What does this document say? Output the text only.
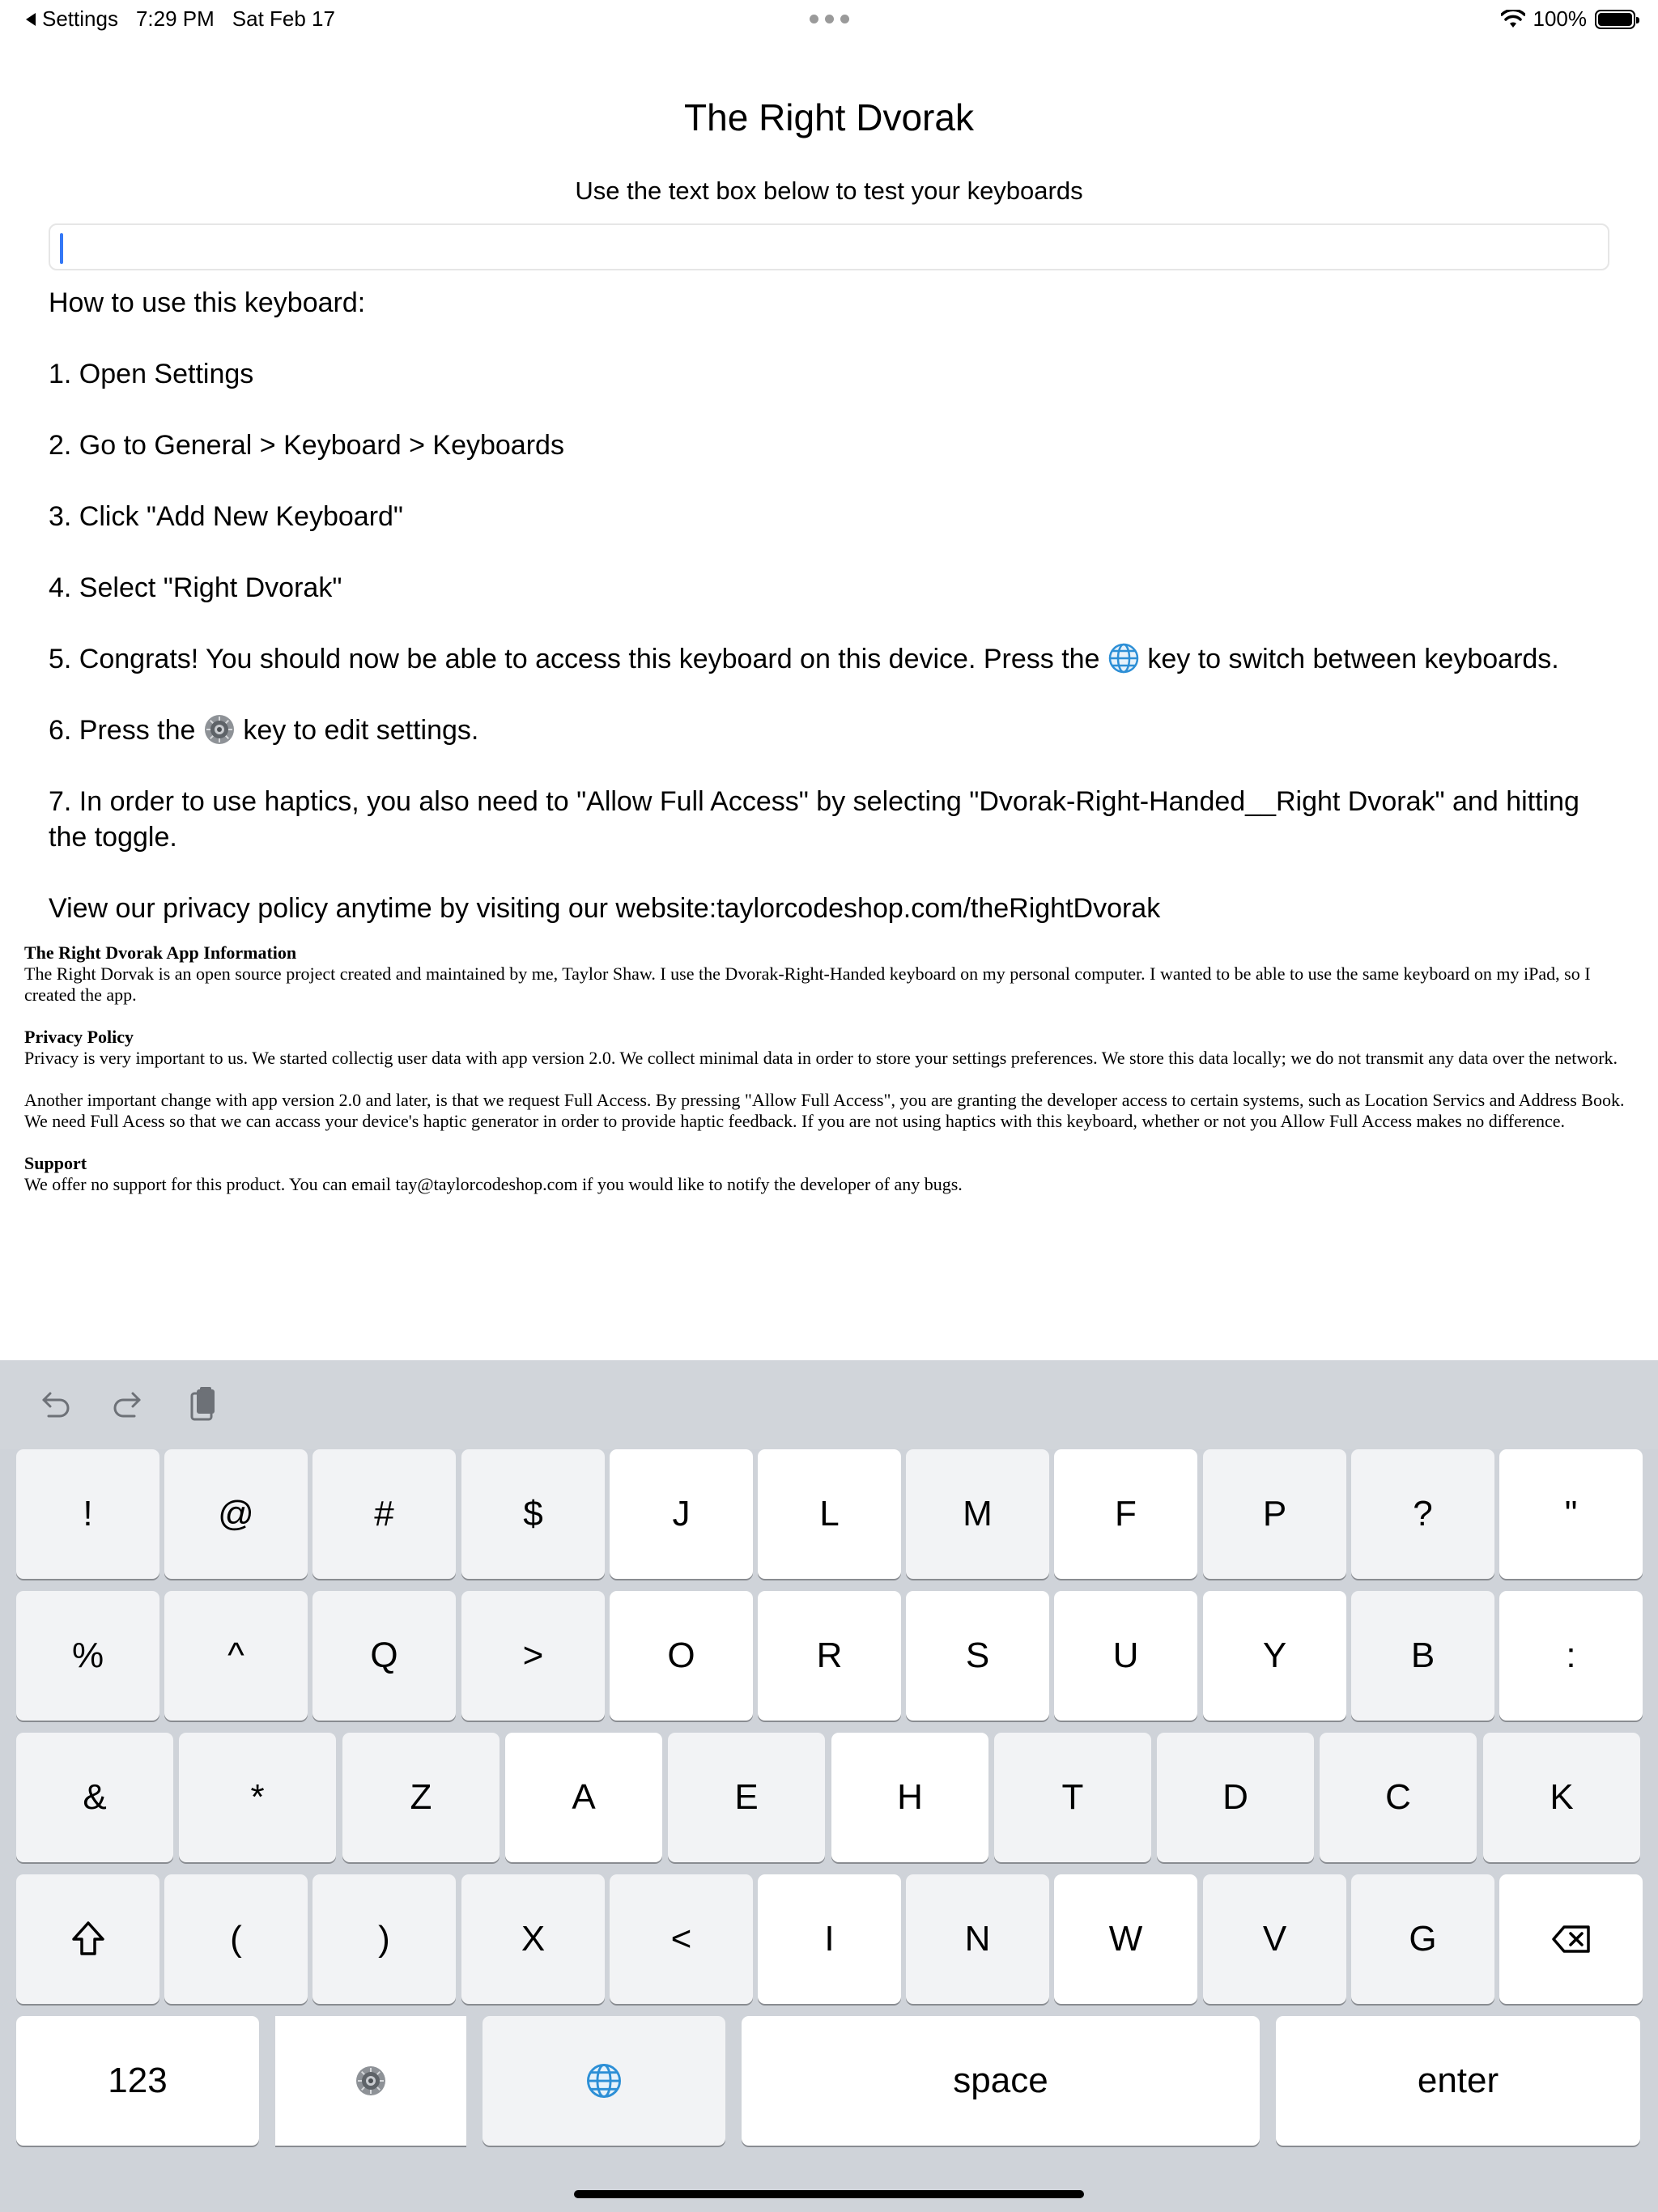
Settings 7:29 PM Sat Feb 17	100%
The Right Dvorak
Use the text box below to test your keyboards

How to use this keyboard:

1. Open Settings

2. Go to General > Keyboard > Keyboards

3. Click "Add New Keyboard"

4. Select "Right Dvorak"

5. Congrats! You should now be able to access this keyboard on this device. Press the key to switch between keyboards.

6. Press the key to edit settings.

7. In order to use haptics, you also need to "Allow Full Access" by selecting "Dvorak-Right-Handed__Right Dvorak" and hitting the toggle.

View our privacy policy anytime by visiting our website:taylorcodeshop.com/theRightDvorak

The Right Dvorak App Information

The Right Dorvak is an open source project created and maintained by me, Taylor Shaw. I use the Dvorak-Right-Handed keyboard on my personal computer. I wanted to be able to use the same keyboard on my iPad, so I created the app.

Privacy Policy

Privacy is very important to us. We started collectig user data with app version 2.0. We collect minimal data in order to store your settings preferences. We store this data locally; we do not transmit any data over the network.

Another important change with app version 2.0 and later, is that we request Full Access. By pressing "Allow Full Access", you are granting the developer access to certain systems, such as Location Servics and Address Book. We need Full Acess so that we can accass your device's haptic generator in order to provide haptic feedback. If you are not using haptics with this keyboard, whether or not you Allow Full Access makes no difference.

Support

We offer no support for this product. You can email tay@taylorcodeshop.com if you would like to notify the developer of any bugs.

!	@	#	$	J	L	M	F	P	?	"
%	^	Q	>	O	R	S	U	Y	B	:
&	*	Z	A	E	H	T	D	C	K
(	)	X	<	I	N	W	V	G
123	space	enter
